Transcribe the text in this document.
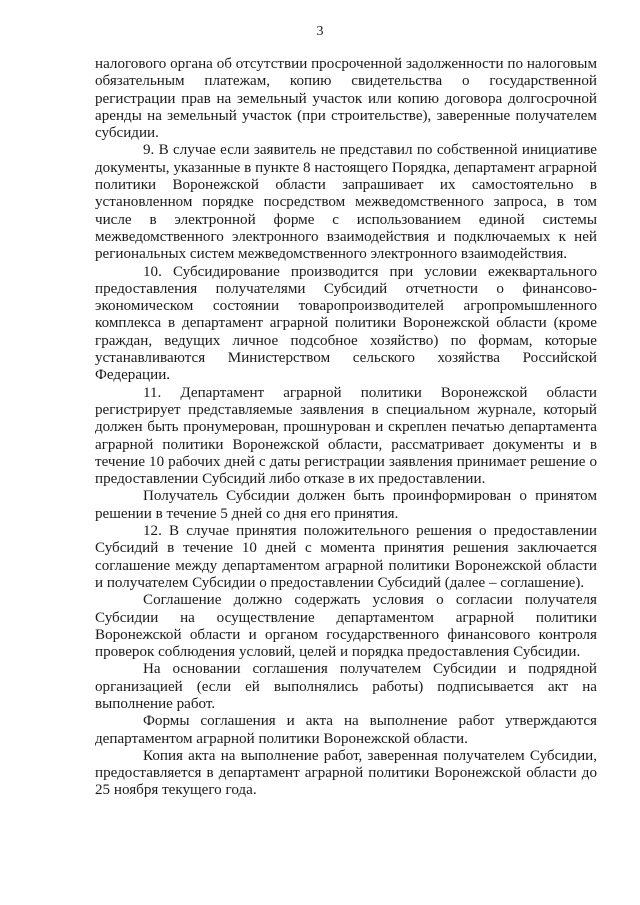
3

налогового органа об отсутствии просроченной задолженности по налоговым обязательным платежам, копию свидетельства о государственной регистрации прав на земельный участок или копию договора долгосрочной аренды на земельный участок (при строительстве), заверенные получателем субсидии.

9. В случае если заявитель не представил по собственной инициативе документы, указанные в пункте 8 настоящего Порядка, департамент аграрной политики Воронежской области запрашивает их самостоятельно в установленном порядке посредством межведомственного запроса, в том числе в электронной форме с использованием единой системы межведомственного электронного взаимодействия и подключаемых к ней региональных систем межведомственного электронного взаимодействия.

10. Субсидирование производится при условии ежеквартального предоставления получателями Субсидий отчетности о финансово-экономическом состоянии товаропроизводителей агропромышленного комплекса в департамент аграрной политики Воронежской области (кроме граждан, ведущих личное подсобное хозяйство) по формам, которые устанавливаются Министерством сельского хозяйства Российской Федерации.

11. Департамент аграрной политики Воронежской области регистрирует представляемые заявления в специальном журнале, который должен быть пронумерован, прошнурован и скреплен печатью департамента аграрной политики Воронежской области, рассматривает документы и в течение 10 рабочих дней с даты регистрации заявления принимает решение о предоставлении Субсидий либо отказе в их предоставлении.

Получатель Субсидии должен быть проинформирован о принятом решении в течение 5 дней со дня его принятия.

12. В случае принятия положительного решения о предоставлении Субсидий в течение 10 дней с момента принятия решения заключается соглашение между департаментом аграрной политики Воронежской области и получателем Субсидии о предоставлении Субсидий (далее – соглашение).

Соглашение должно содержать условия о согласии получателя Субсидии на осуществление департаментом аграрной политики Воронежской области и органом государственного финансового контроля проверок соблюдения условий, целей и порядка предоставления Субсидии.

На основании соглашения получателем Субсидии и подрядной организацией (если ей выполнялись работы) подписывается акт на выполнение работ.

Формы соглашения и акта на выполнение работ утверждаются департаментом аграрной политики Воронежской области.

Копия акта на выполнение работ, заверенная получателем Субсидии, предоставляется в департамент аграрной политики Воронежской области до 25 ноября текущего года.
